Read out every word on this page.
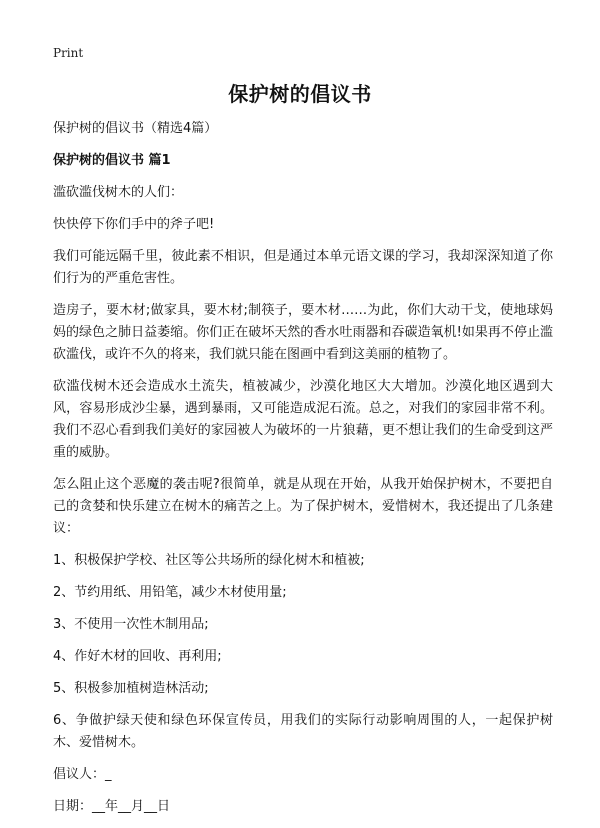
Print
保护树的倡议书

保护树的倡议书（精选4篇）

保护树的倡议书 篇1

滥砍滥伐树木的人们：

快快停下你们手中的斧子吧!

我们可能远隔千里，彼此素不相识，但是通过本单元语文课的学习，我却深深知道了你们行为的严重危害性。

造房子，要木材;做家具，要木材;制筷子，要木材……为此，你们大动干戈，使地球妈妈的绿色之肺日益萎缩。你们正在破坏天然的香水吐雨器和吞碳造氧机!如果再不停止滥砍滥伐，或许不久的将来，我们就只能在图画中看到这美丽的植物了。

砍滥伐树木还会造成水土流失，植被减少，沙漠化地区大大增加。沙漠化地区遇到大风，容易形成沙尘暴，遇到暴雨，又可能造成泥石流。总之，对我们的家园非常不利。我们不忍心看到我们美好的家园被人为破坏的一片狼藉，更不想让我们的生命受到这严重的威胁。

怎么阻止这个恶魔的袭击呢?很简单，就是从现在开始，从我开始保护树木，不要把自己的贪婪和快乐建立在树木的痛苦之上。为了保护树木，爱惜树木，我还提出了几条建议：

1、积极保护学校、社区等公共场所的绿化树木和植被;

2、节约用纸、用铅笔，减少木材使用量;

3、不使用一次性木制用品;

4、作好木材的回收、再利用;

5、积极参加植树造林活动;

6、争做护绿天使和绿色环保宣传员，用我们的实际行动影响周围的人，一起保护树木、爱惜树木。

倡议人：_

日期：__年__月__日
